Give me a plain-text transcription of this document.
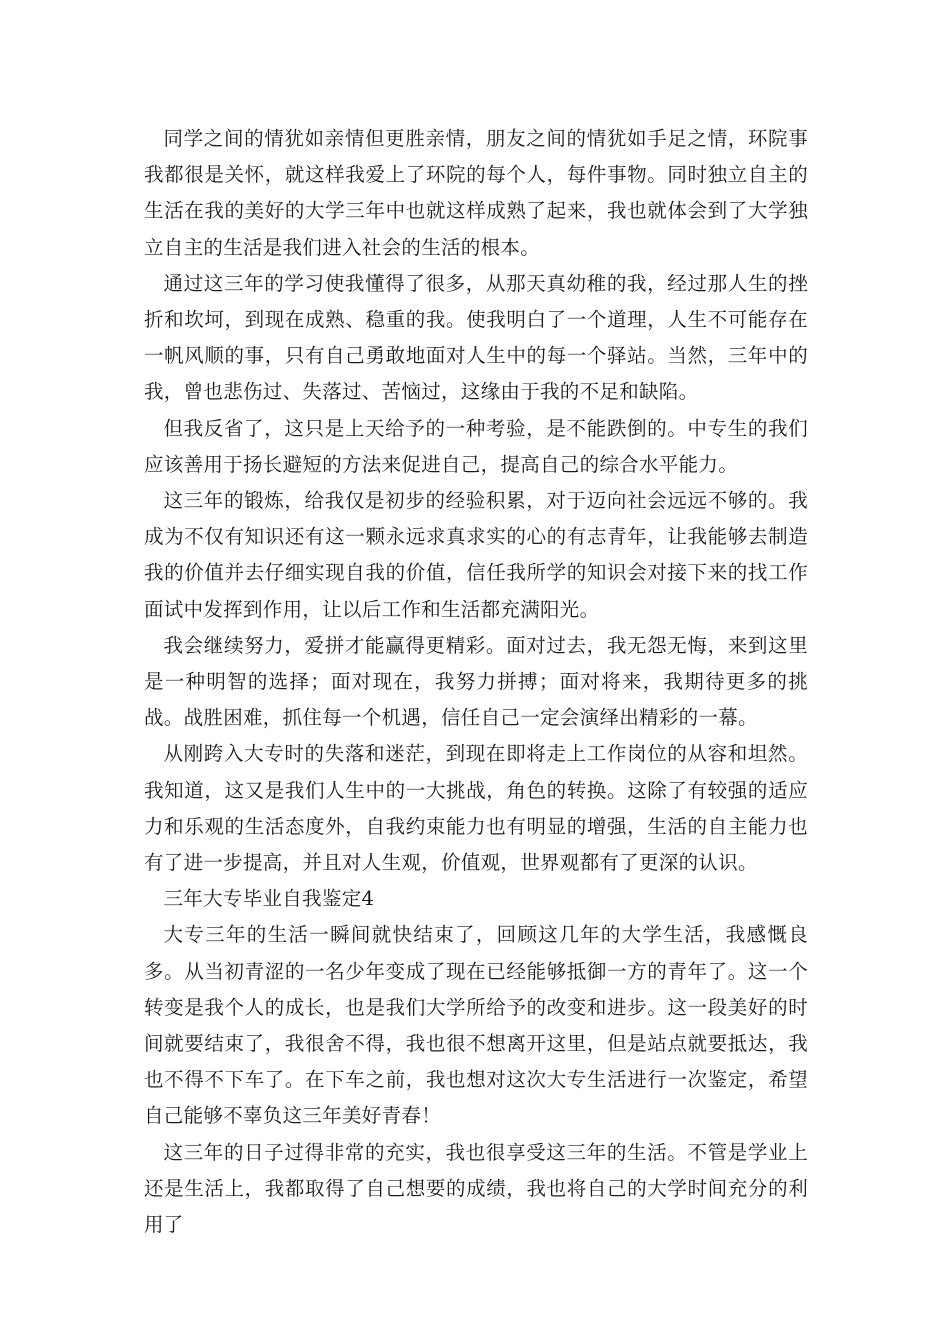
同学之间的情犹如亲情但更胜亲情，朋友之间的情犹如手足之情，环院事我都很是关怀，就这样我爱上了环院的每个人，每件事物。同时独立自主的生活在我的美好的大学三年中也就这样成熟了起来，我也就体会到了大学独立自主的生活是我们进入社会的生活的根本。

通过这三年的学习使我懂得了很多，从那天真幼稚的我，经过那人生的挫折和坎坷，到现在成熟、稳重的我。使我明白了一个道理，人生不可能存在一帆风顺的事，只有自己勇敢地面对人生中的每一个驿站。当然，三年中的我，曾也悲伤过、失落过、苦恼过，这缘由于我的不足和缺陷。

但我反省了，这只是上天给予的一种考验，是不能跌倒的。中专生的我们应该善用于扬长避短的方法来促进自己，提高自己的综合水平能力。

这三年的锻炼，给我仅是初步的经验积累，对于迈向社会远远不够的。我成为不仅有知识还有这一颗永远求真求实的心的有志青年，让我能够去制造我的价值并去仔细实现自我的价值，信任我所学的知识会对接下来的找工作面试中发挥到作用，让以后工作和生活都充满阳光。

我会继续努力，爱拼才能赢得更精彩。面对过去，我无怨无悔，来到这里是一种明智的选择；面对现在，我努力拼搏；面对将来，我期待更多的挑战。战胜困难，抓住每一个机遇，信任自己一定会演绎出精彩的一幕。

从刚跨入大专时的失落和迷茫，到现在即将走上工作岗位的从容和坦然。我知道，这又是我们人生中的一大挑战，角色的转换。这除了有较强的适应力和乐观的生活态度外，自我约束能力也有明显的增强，生活的自主能力也有了进一步提高，并且对人生观，价值观，世界观都有了更深的认识。

三年大专毕业自我鉴定4

大专三年的生活一瞬间就快结束了，回顾这几年的大学生活，我感慨良多。从当初青涩的一名少年变成了现在已经能够抵御一方的青年了。这一个转变是我个人的成长，也是我们大学所给予的改变和进步。这一段美好的时间就要结束了，我很舍不得，我也很不想离开这里，但是站点就要抵达，我也不得不下车了。在下车之前，我也想对这次大专生活进行一次鉴定，希望自己能够不辜负这三年美好青春！

这三年的日子过得非常的充实，我也很享受这三年的生活。不管是学业上还是生活上，我都取得了自己想要的成绩，我也将自己的大学时间充分的利用了
